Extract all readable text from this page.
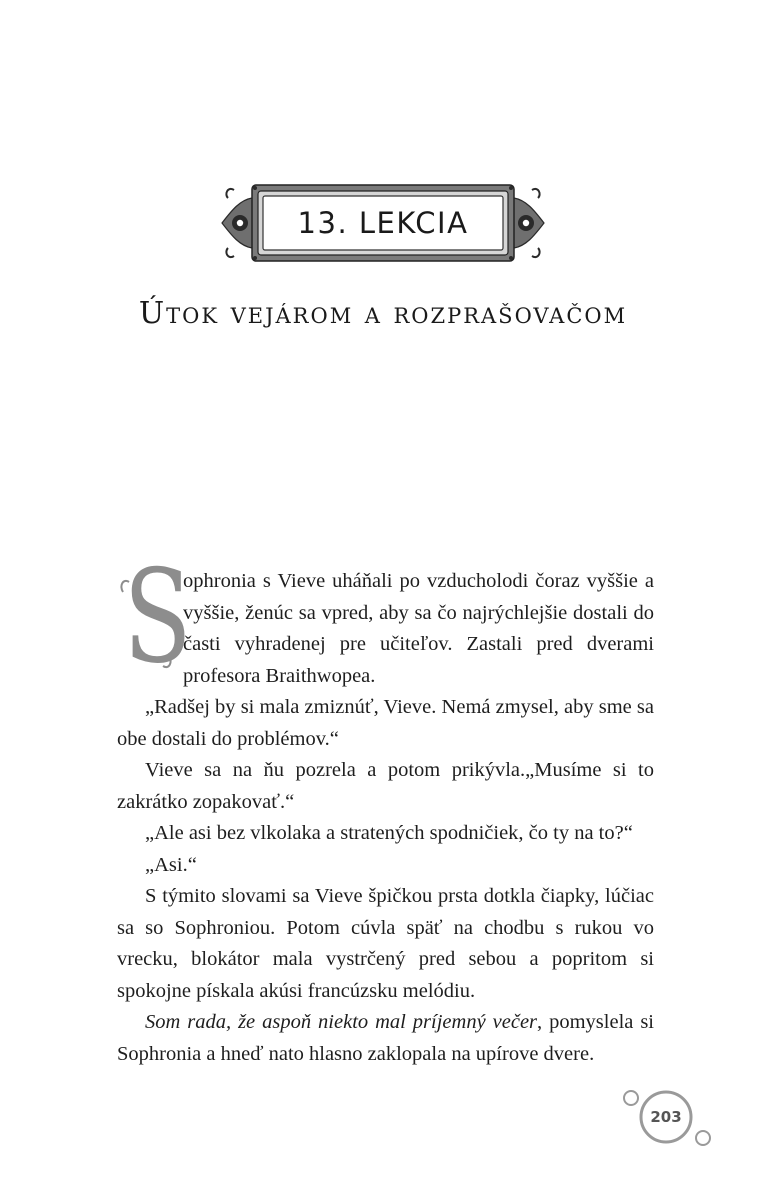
13. LEKCIA
Útok vejárom a rozprašovačom

S
ophronia s Vieve uháňali po vzducholodi čoraz vyššie a vyššie, ženúc sa vpred, aby sa čo najrýchlejšie dostali do časti vyhradenej pre učiteľov. Zastali pred dverami profesora Braithwopea.

„Radšej by si mala zmiznúť, Vieve. Nemá zmysel, aby sme sa obe dostali do problémov.“

Vieve sa na ňu pozrela a potom prikývla.„Musíme si to zakrátko zopakovať.“

„Ale asi bez vlkolaka a stratených spodničiek, čo ty na to?“

„Asi.“

S týmito slovami sa Vieve špičkou prsta dotkla čiapky, lúčiac sa so Sophroniou. Potom cúvla späť na chodbu s rukou vo vrecku, blokátor mala vystrčený pred sebou a popritom si spokojne pískala akúsi francúzsku melódiu.

Som rada, že aspoň niekto mal príjemný večer, pomyslela si Sophronia a hneď nato hlasno zaklopala na upírove dvere.

203
